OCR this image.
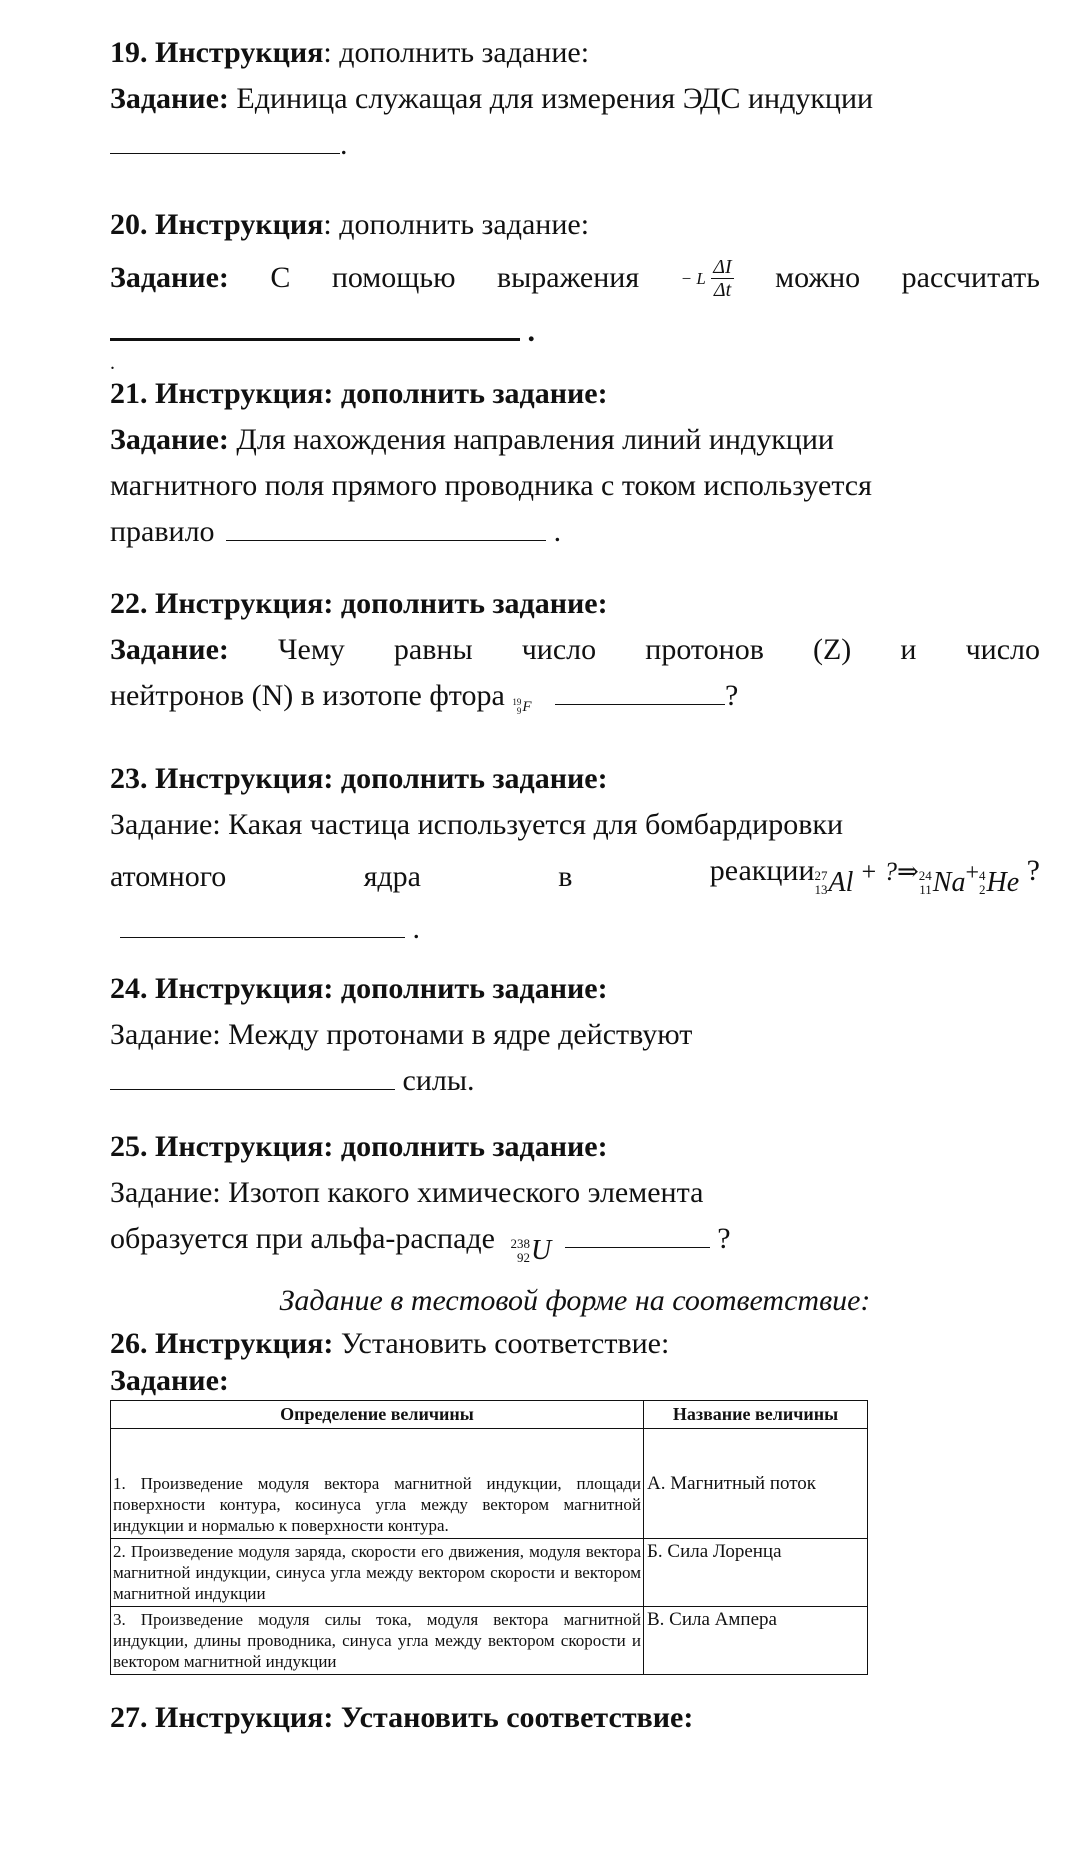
19. Инструкция: дополнить задание:
Задание: Единица служащая для измерения ЭДС индукции
.
20. Инструкция: дополнить задание:
Задание: С помощью выражения − L $\frac{\Delta I}{\Delta t}$ можно рассчитать
.
.
21. Инструкция: дополнить задание:
Задание: Для нахождения направления линий индукции
магнитного поля прямого проводника с током используется
правило	.
22. Инструкция: дополнить задание:
Задание: Чему равны число протонов (Z) и число
нейтронов (N) в изотопе фтора 19
9 F	?
23. Инструкция: дополнить задание:
Задание: Какая частица используется для бомбардировки
атомного	ядра	в	реакции 27
13 Al + ?⇒ 24
11 Na + 4
2 He ?
.
24. Инструкция: дополнить задание:
Задание: Между протонами в ядре действуют
силы.
25. Инструкция: дополнить задание:
Задание: Изотоп какого химического элемента
образуется при альфа-распаде 238
92 U	?
Задание в тестовой форме на соответствие:
26. Инструкция: Установить соответствие:
Задание:
Определение величины	Название величины
1. Произведение модуля вектора магнитной индукции, площади поверхности контура, косинуса угла между вектором магнитной индукции и нормалью к поверхности контура.	А. Магнитный поток
2. Произведение модуля заряда, скорости его движения, модуля вектора магнитной индукции, синуса угла между вектором скорости и вектором магнитной индукции	Б. Сила Лоренца
3. Произведение модуля силы тока, модуля вектора магнитной индукции, длины проводника, синуса угла между вектором скорости и вектором магнитной индукции	В. Сила Ампера
27. Инструкция: Установить соответствие:
